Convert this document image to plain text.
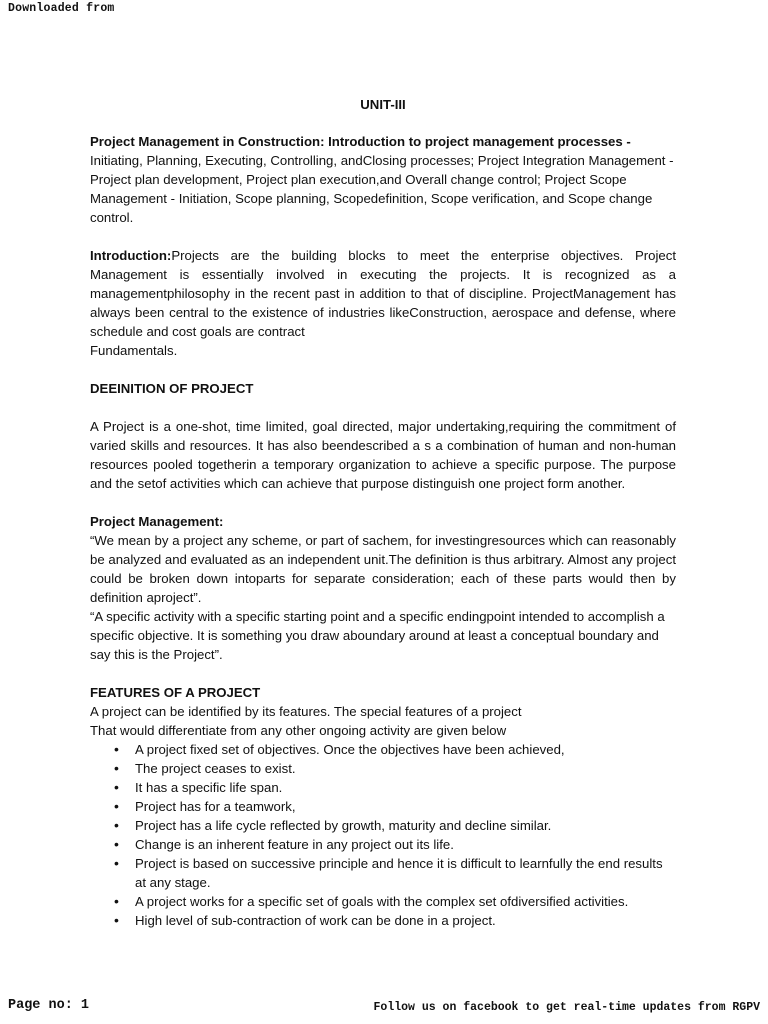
Downloaded from
UNIT-III
Project Management in Construction: Introduction to project management processes -
Initiating, Planning, Executing, Controlling, andClosing processes; Project Integration Management - Project plan development, Project plan execution,and Overall change control; Project Scope Management - Initiation, Scope planning, Scopedefinition, Scope verification, and Scope change control.
Introduction:Projects are the building blocks to meet the enterprise objectives. Project Management is essentially involved in executing the projects. It is recognized as a managementphilosophy in the recent past in addition to that of discipline. ProjectManagement has always been central to the existence of industries likeConstruction, aerospace and defense, where schedule and cost goals are contract
Fundamentals.
DEEINITION OF PROJECT

A Project is a one-shot, time limited, goal directed, major undertaking,requiring the commitment of varied skills and resources. It has also beendescribed a s a combination of human and non-human resources pooled togetherin a temporary organization to achieve a specific purpose. The purpose and the setof activities which can achieve that purpose distinguish one project form another.

Project Management:

“We mean by a project any scheme, or part of sachem, for investingresources which can reasonably be analyzed and evaluated as an independent unit.The definition is thus arbitrary. Almost any project could be broken down intoparts for separate consideration; each of these parts would then by definition aproject”.

“A specific activity with a specific starting point and a specific endingpoint intended to accomplish a specific objective. It is something you draw aboundary around at least a conceptual boundary and say this is the Project”.

FEATURES OF A PROJECT

A project can be identified by its features. The special features of a project

That would differentiate from any other ongoing activity are given below

• A project fixed set of objectives. Once the objectives have been achieved,
• The project ceases to exist.
• It has a specific life span.
• Project has for a teamwork,
• Project has a life cycle reflected by growth, maturity and decline similar.
• Change is an inherent feature in any project out its life.
• Project is based on successive principle and hence it is difficult to learnfully the end results at any stage.
• A project works for a specific set of goals with the complex set ofdiversified activities.
• High level of sub-contraction of work can be done in a project.
Page no: 1	Follow us on facebook to get real-time updates from RGPV
